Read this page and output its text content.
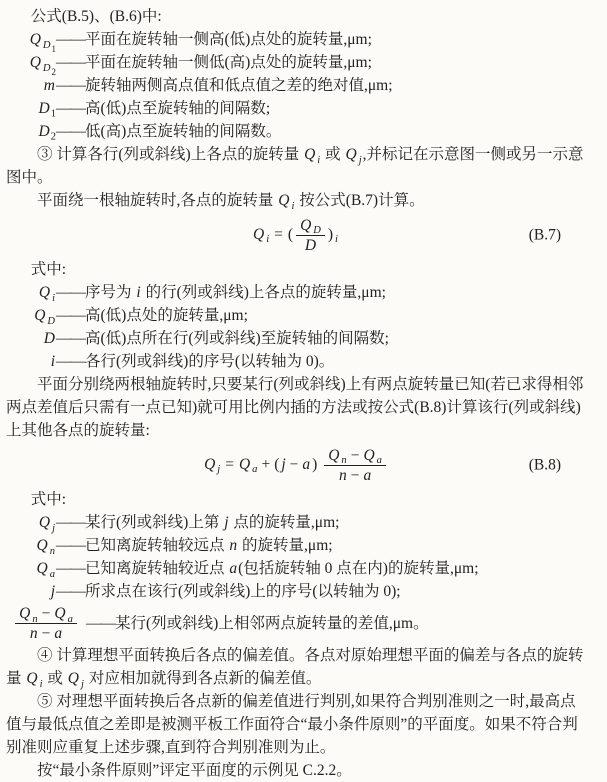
公式(B.5)、(B.6)中:

Q $_{D_1}$
—— 平面在旋转轴一侧高(低)点处的旋转量,μm;
Q $_{D_2}$
—— 平面在旋转轴一侧低(高)点处的旋转量,μm;
m —— 旋转轴两侧高点值和低点值之差的绝对值,μm;
$D_1$ —— 高(低)点至旋转轴的间隔数;
$D_2$ —— 低(高)点至旋转轴的间隔数。

③ 计算各行(列或斜线)上各点的旋转量 Q $_i$ 或 Q $_j$,并标记在示意图一侧或另一示意图中。

平面绕一根轴旋转时,各点的旋转量 Q $_i$ 按公式(B.7)计算。

Q $_i$ = ( $\frac{Q _D}{D}$ ) $_i$	(B.7)

式中:

Q $_i$ —— 序号为 i 的行(列或斜线)上各点的旋转量,μm;
Q $_D$ —— 高(低)点处的旋转量,μm;
D —— 高(低)点所在行(列或斜线)至旋转轴的间隔数;
i —— 各行(列或斜线)的序号(以转轴为 0)。

平面分别绕两根轴旋转时,只要某行(列或斜线)上有两点旋转量已知(若已求得相邻两点差值后只需有一点已知)就可用比例内插的方法或按公式(B.8)计算该行(列或斜线)上其他各点的旋转量:

Q $_j$ = Q $_a$ + ( j − a ) $\frac{Q _n - Q _a}{n - a}$	(B.8)

式中:

Q $_j$ —— 某行(列或斜线)上第 j 点的旋转量,μm;
Q $_n$ —— 已知离旋转轴较远点 n 的旋转量,μm;
Q $_a$ —— 已知离旋转轴较近点 a(包括旋转轴 0 点在内)的旋转量,μm;
j —— 所求点在该行(列或斜线)上的序号(以转轴为 0);
$\frac{Q _n - Q _a}{n - a}$ —— 某行(列或斜线)上相邻两点旋转量的差值,μm。

④ 计算理想平面转换后各点的偏差值。各点对原始理想平面的偏差与各点的旋转量 Q $_i$ 或 Q $_j$ 对应相加就得到各点新的偏差值。

⑤ 对理想平面转换后各点新的偏差值进行判别,如果符合判别准则之一时,最高点值与最低点值之差即是被测平板工作面符合“最小条件原则”的平面度。如果不符合判别准则应重复上述步骤,直到符合判别准则为止。

按“最小条件原则”评定平面度的示例见 C.2.2。
